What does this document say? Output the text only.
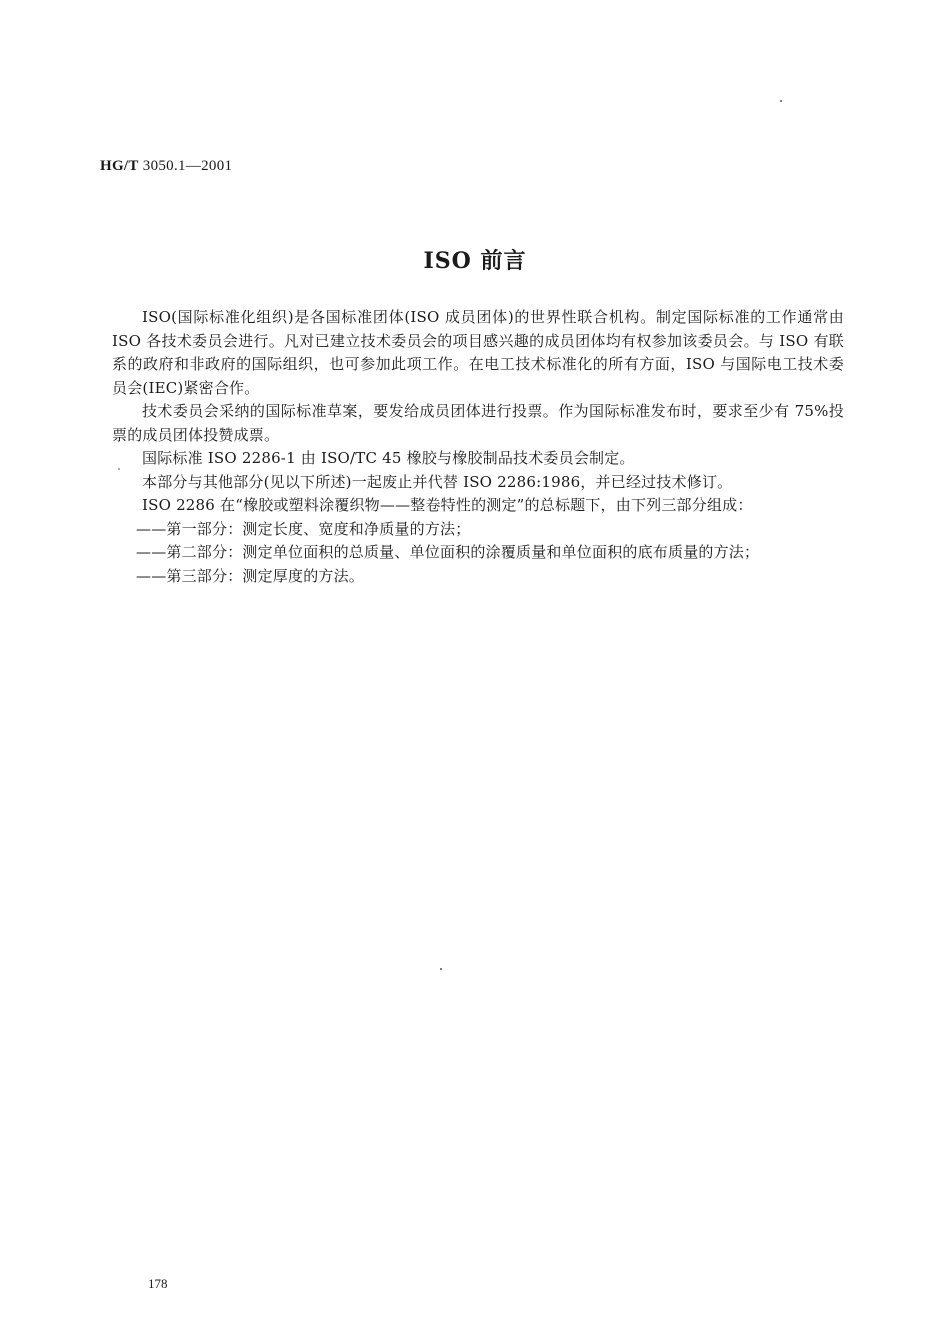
HG/T 3050.1—2001
ISO 前言

ISO(国际标准化组织)是各国标准团体(ISO 成员团体)的世界性联合机构。制定国际标准的工作通常由 ISO 各技术委员会进行。凡对已建立技术委员会的项目感兴趣的成员团体均有权参加该委员会。与 ISO 有联系的政府和非政府的国际组织，也可参加此项工作。在电工技术标准化的所有方面，ISO 与国际电工技术委员会(IEC)紧密合作。

技术委员会采纳的国际标准草案，要发给成员团体进行投票。作为国际标准发布时，要求至少有 75%投票的成员团体投赞成票。

国际标准 ISO 2286-1 由 ISO/TC 45 橡胶与橡胶制品技术委员会制定。

本部分与其他部分(见以下所述)一起废止并代替 ISO 2286:1986，并已经过技术修订。

ISO 2286 在“橡胶或塑料涂覆织物——整卷特性的测定”的总标题下，由下列三部分组成：

——第一部分：测定长度、宽度和净质量的方法；

——第二部分：测定单位面积的总质量、单位面积的涂覆质量和单位面积的底布质量的方法；

——第三部分：测定厚度的方法。

178
